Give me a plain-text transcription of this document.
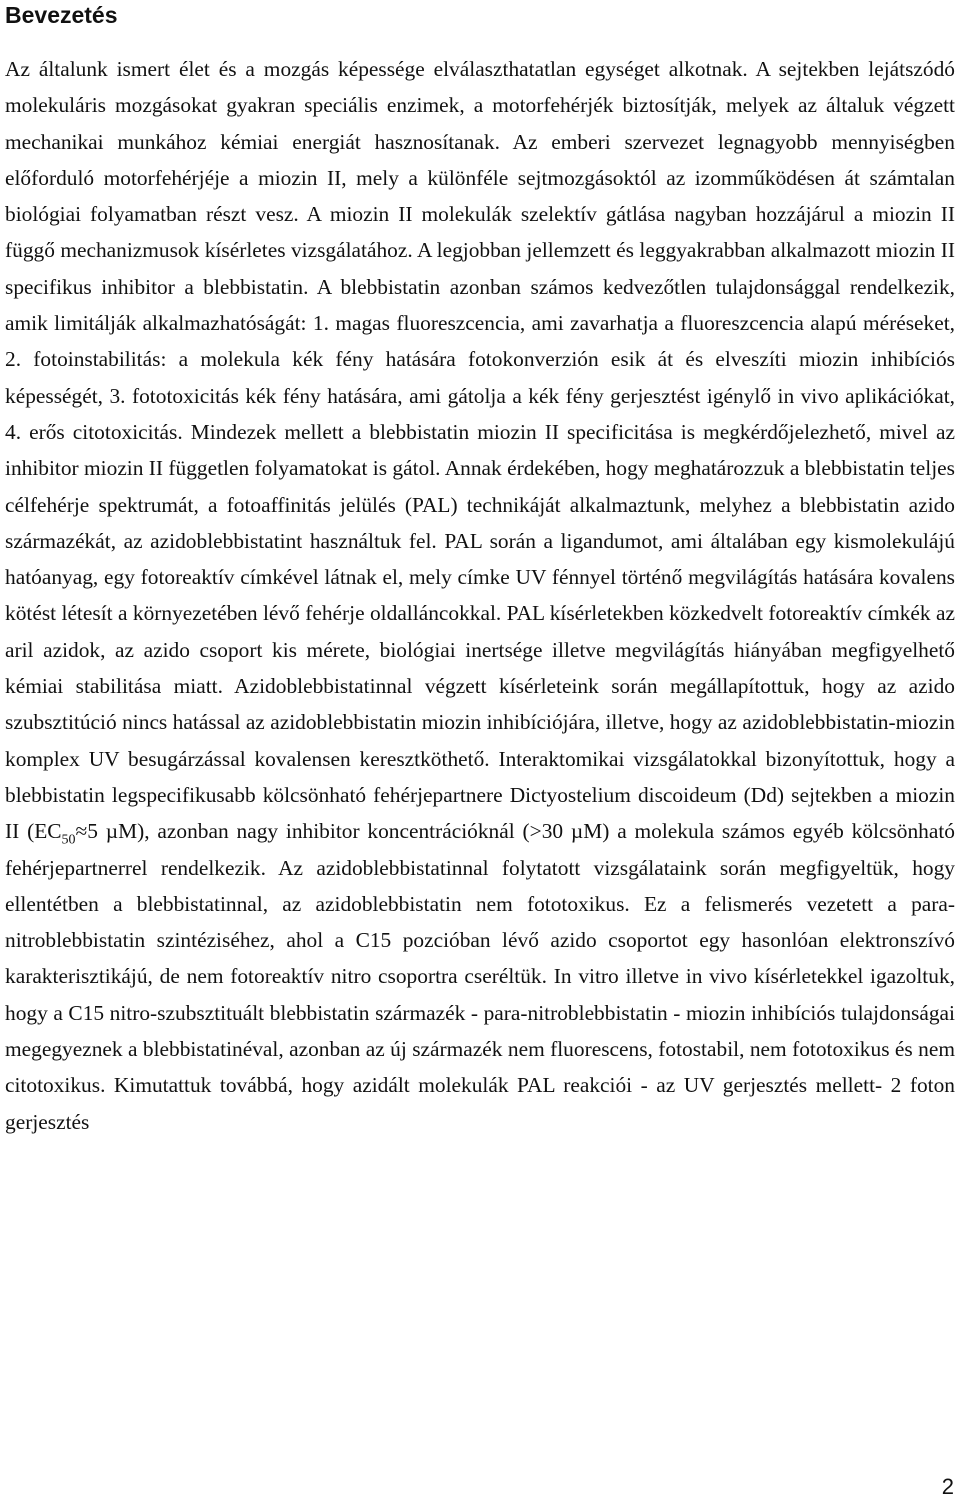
Bevezetés

Az általunk ismert élet és a mozgás képessége elválaszthatatlan egységet alkotnak. A sejtekben lejátszódó molekuláris mozgásokat gyakran speciális enzimek, a motorfehérjék biztosítják, melyek az általuk végzett mechanikai munkához kémiai energiát hasznosítanak. Az emberi szervezet legnagyobb mennyiségben előforduló motorfehérjéje a miozin II, mely a különféle sejtmozgásoktól az izomműködésen át számtalan biológiai folyamatban részt vesz. A miozin II molekulák szelektív gátlása nagyban hozzájárul a miozin II függő mechanizmusok kísérletes vizsgálatához. A legjobban jellemzett és leggyakrabban alkalmazott miozin II specifikus inhibitor a blebbistatin. A blebbistatin azonban számos kedvezőtlen tulajdonsággal rendelkezik, amik limitálják alkalmazhatóságát: 1. magas fluoreszcencia, ami zavarhatja a fluoreszcencia alapú méréseket, 2. fotoinstabilitás: a molekula kék fény hatására fotokonverzión esik át és elveszíti miozin inhibíciós képességét, 3. fototoxicitás kék fény hatására, ami gátolja a kék fény gerjesztést igénylő in vivo aplikációkat, 4. erős citotoxicitás. Mindezek mellett a blebbistatin miozin II specificitása is megkérdőjelezhető, mivel az inhibitor miozin II független folyamatokat is gátol. Annak érdekében, hogy meghatározzuk a blebbistatin teljes célfehérje spektrumát, a fotoaffinitás jelülés (PAL) technikáját alkalmaztunk, melyhez a blebbistatin azido származékát, az azidoblebbistatint használtuk fel. PAL során a ligandumot, ami általában egy kismolekulájú hatóanyag, egy fotoreaktív címkével látnak el, mely címke UV fénnyel történő megvilágítás hatására kovalens kötést létesít a környezetében lévő fehérje oldalláncokkal. PAL kísérletekben közkedvelt fotoreaktív címkék az aril azidok, az azido csoport kis mérete, biológiai inertsége illetve megvilágítás hiányában megfigyelhető kémiai stabilitása miatt. Azidoblebbistatinnal végzett kísérleteink során megállapítottuk, hogy az azido szubsztitúció nincs hatással az azidoblebbistatin miozin inhibíciójára, illetve, hogy az azidoblebbistatin-miozin komplex UV besugárzással kovalensen keresztköthető. Interaktomikai vizsgálatokkal bizonyítottuk, hogy a blebbistatin legspecifikusabb kölcsönható fehérjepartnere Dictyostelium discoideum (Dd) sejtekben a miozin II ($EC_{50}\approx 5$ µM), azonban nagy inhibitor koncentrációknál (>30 µM) a molekula számos egyéb kölcsönható fehérjepartnerrel rendelkezik. Az azidoblebbistatinnal folytatott vizsgálataink során megfigyeltük, hogy ellentétben a blebbistatinnal, az azidoblebbistatin nem fototoxikus. Ez a felismerés vezetett a para-nitroblebbistatin szintéziséhez, ahol a C15 pozcióban lévő azido csoportot egy hasonlóan elektronszívó karakterisztikájú, de nem fotoreaktív nitro csoportra cseréltük. In vitro illetve in vivo kísérletekkel igazoltuk, hogy a C15 nitro-szubsztituált blebbistatin származék - para-nitroblebbistatin - miozin inhibíciós tulajdonságai megegyeznek a blebbistatinéval, azonban az új származék nem fluorescens, fotostabil, nem fototoxikus és nem citotoxikus. Kimutattuk továbbá, hogy azidált molekulák PAL reakciói - az UV gerjesztés mellett- 2 foton gerjesztés

2
